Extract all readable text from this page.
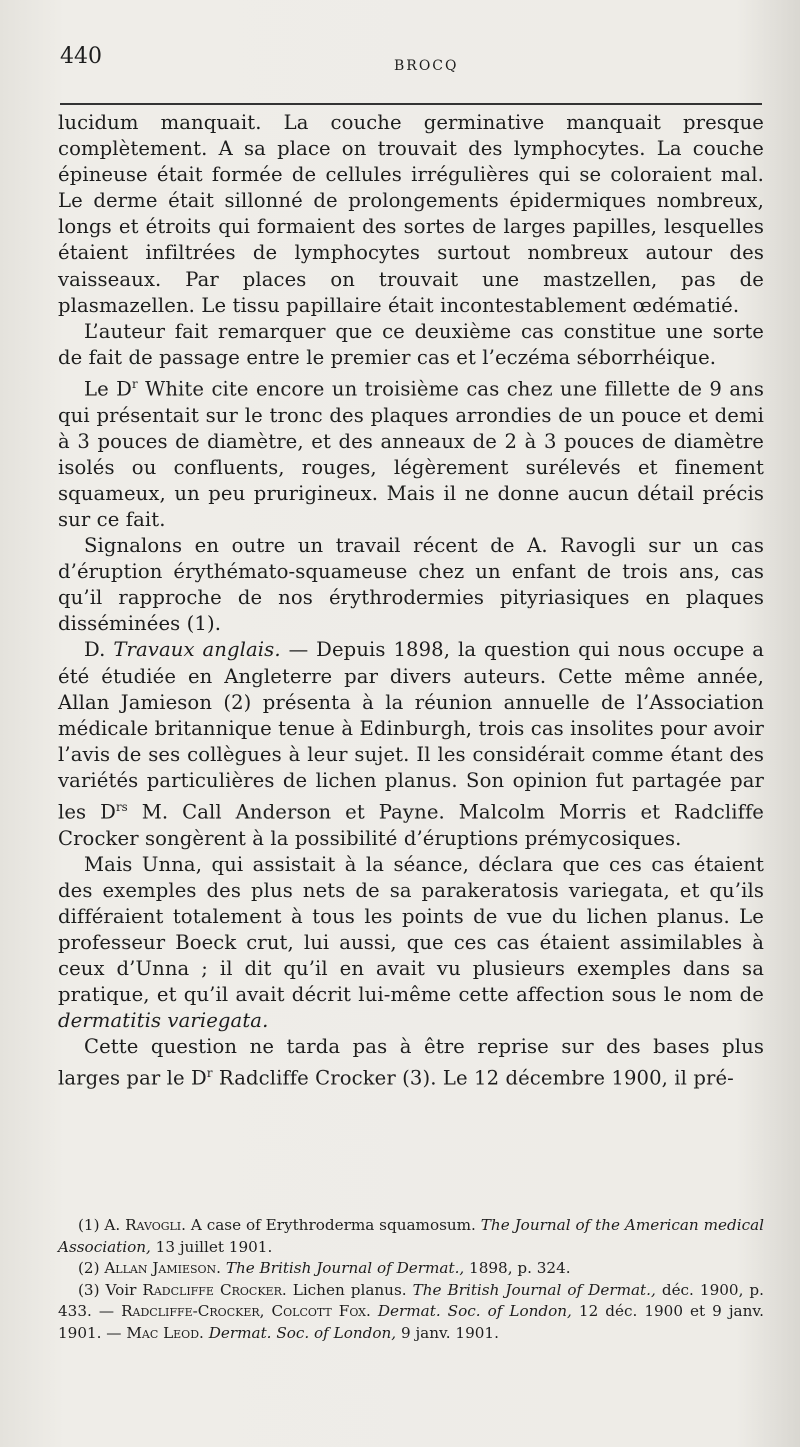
440	BROCQ

lucidum manquait. La couche germinative manquait presque complètement. A sa place on trouvait des lymphocytes. La couche épineuse était formée de cellules irrégulières qui se coloraient mal. Le derme était sillonné de prolongements épidermiques nombreux, longs et étroits qui formaient des sortes de larges papilles, lesquelles étaient infiltrées de lymphocytes surtout nombreux autour des vaisseaux. Par places on trouvait une mastzellen, pas de plasmazellen. Le tissu papillaire était incontestablement œdématié.

L’auteur fait remarquer que ce deuxième cas constitue une sorte de fait de passage entre le premier cas et l’eczéma séborrhéique.

Le $D^r$ White cite encore un troisième cas chez une fillette de 9 ans qui présentait sur le tronc des plaques arrondies de un pouce et demi à 3 pouces de diamètre, et des anneaux de 2 à 3 pouces de diamètre isolés ou confluents, rouges, légèrement surélevés et finement squameux, un peu prurigineux. Mais il ne donne aucun détail précis sur ce fait.

Signalons en outre un travail récent de A. Ravogli sur un cas d’éruption érythémato-squameuse chez un enfant de trois ans, cas qu’il rapproche de nos érythrodermies pityriasiques en plaques disséminées (1).

D. Travaux anglais. — Depuis 1898, la question qui nous occupe a été étudiée en Angleterre par divers auteurs. Cette même année, Allan Jamieson (2) présenta à la réunion annuelle de l’Association médicale britannique tenue à Edinburgh, trois cas insolites pour avoir l’avis de ses collègues à leur sujet. Il les considérait comme étant des variétés particulières de lichen planus. Son opinion fut partagée par les $D^{rs}$ M. Call Anderson et Payne. Malcolm Morris et Radcliffe Crocker songèrent à la possibilité d’éruptions prémycosiques.

Mais Unna, qui assistait à la séance, déclara que ces cas étaient des exemples des plus nets de sa parakeratosis variegata, et qu’ils différaient totalement à tous les points de vue du lichen planus. Le professeur Boeck crut, lui aussi, que ces cas étaient assimilables à ceux d’Unna ; il dit qu’il en avait vu plusieurs exemples dans sa pratique, et qu’il avait décrit lui-même cette affection sous le nom de dermatitis variegata.

Cette question ne tarda pas à être reprise sur des bases plus larges par le $D^r$ Radcliffe Crocker (3). Le 12 décembre 1900, il pré-

(1) A. Ravogli. A case of Erythroderma squamosum. The Journal of the American medical Association, 13 juillet 1901.

(2) Allan Jamieson. The British Journal of Dermat., 1898, p. 324.

(3) Voir Radcliffe Crocker. Lichen planus. The British Journal of Dermat., déc. 1900, p. 433. — Radcliffe-Crocker, Colcott Fox. Dermat. Soc. of London, 12 déc. 1900 et 9 janv. 1901. — Mac Leod. Dermat. Soc. of London, 9 janv. 1901.
